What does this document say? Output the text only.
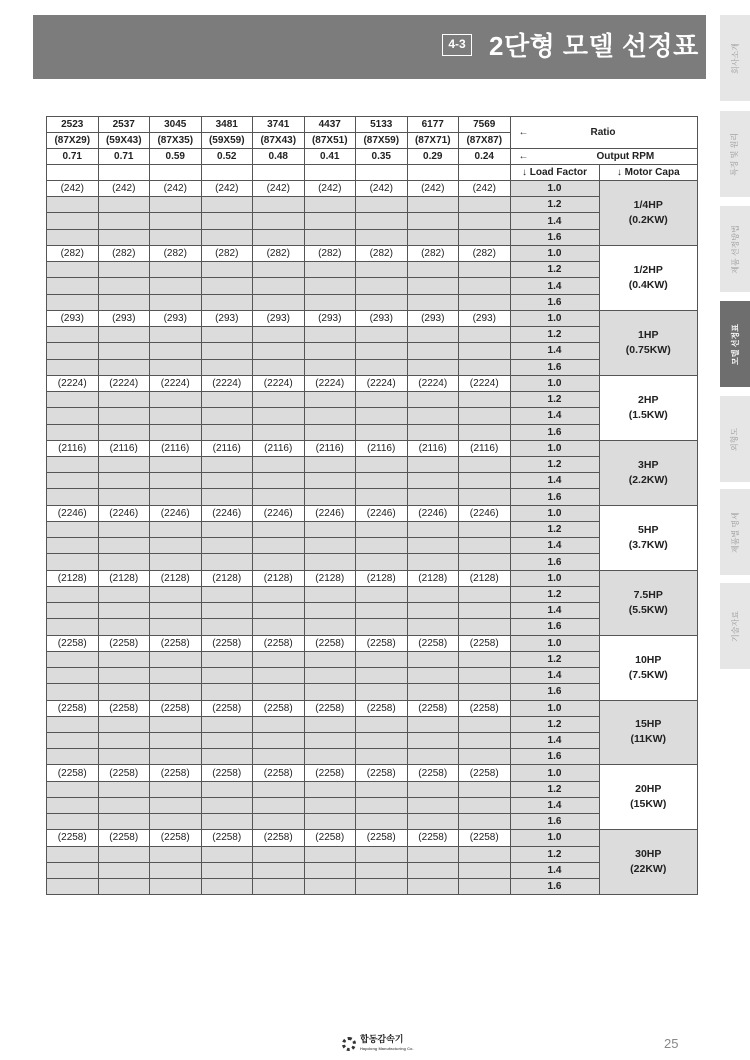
4-3 2단형 모델 선정표	회사소개
특징 및 원리
제품 선정방법
모델 선정표
외형도
제품별 명세
기술자료
2523	2537	3045	3481	3741	4437	5133	6177	7569	← Ratio	
(87X29)	(59X43)	(87X35)	(59X59)	(87X43)	(87X51)	(87X59)	(87X71)	(87X87)		
0.71	0.71	0.59	0.52	0.48	0.41	0.35	0.29	0.24	← Output RPM	
									↓ Load Factor	↓ Motor Capa
(242)	(242)	(242)	(242)	(242)	(242)	(242)	(242)	(242)	1.0	1/4HP
(0.2KW)

									1.2	
									1.4	
									1.6	
(282)	(282)	(282)	(282)	(282)	(282)	(282)	(282)	(282)	1.0	1/2HP
(0.4KW)

									1.2	
									1.4	
									1.6	
(293)	(293)	(293)	(293)	(293)	(293)	(293)	(293)	(293)	1.0	1HP
(0.75KW)

									1.2	
									1.4	
									1.6	
(2224)	(2224)	(2224)	(2224)	(2224)	(2224)	(2224)	(2224)	(2224)	1.0	2HP
(1.5KW)

									1.2	
									1.4	
									1.6	
(2116)	(2116)	(2116)	(2116)	(2116)	(2116)	(2116)	(2116)	(2116)	1.0	3HP
(2.2KW)

									1.2	
									1.4	
									1.6	
(2246)	(2246)	(2246)	(2246)	(2246)	(2246)	(2246)	(2246)	(2246)	1.0	5HP
(3.7KW)

									1.2	
									1.4	
									1.6	
(2128)	(2128)	(2128)	(2128)	(2128)	(2128)	(2128)	(2128)	(2128)	1.0	7.5HP
(5.5KW)

									1.2	
									1.4	
									1.6	
(2258)	(2258)	(2258)	(2258)	(2258)	(2258)	(2258)	(2258)	(2258)	1.0	10HP
(7.5KW)

									1.2	
									1.4	
									1.6	
(2258)	(2258)	(2258)	(2258)	(2258)	(2258)	(2258)	(2258)	(2258)	1.0	15HP
(11KW)

									1.2	
									1.4	
									1.6	
(2258)	(2258)	(2258)	(2258)	(2258)	(2258)	(2258)	(2258)	(2258)	1.0	20HP
(15KW)

									1.2	
									1.4	
									1.6	
(2258)	(2258)	(2258)	(2258)	(2258)	(2258)	(2258)	(2258)	(2258)	1.0	30HP
(22KW)

									1.2	
									1.4	
									1.6	
합동감속기
Hapdong Manufacturing Co.	25
